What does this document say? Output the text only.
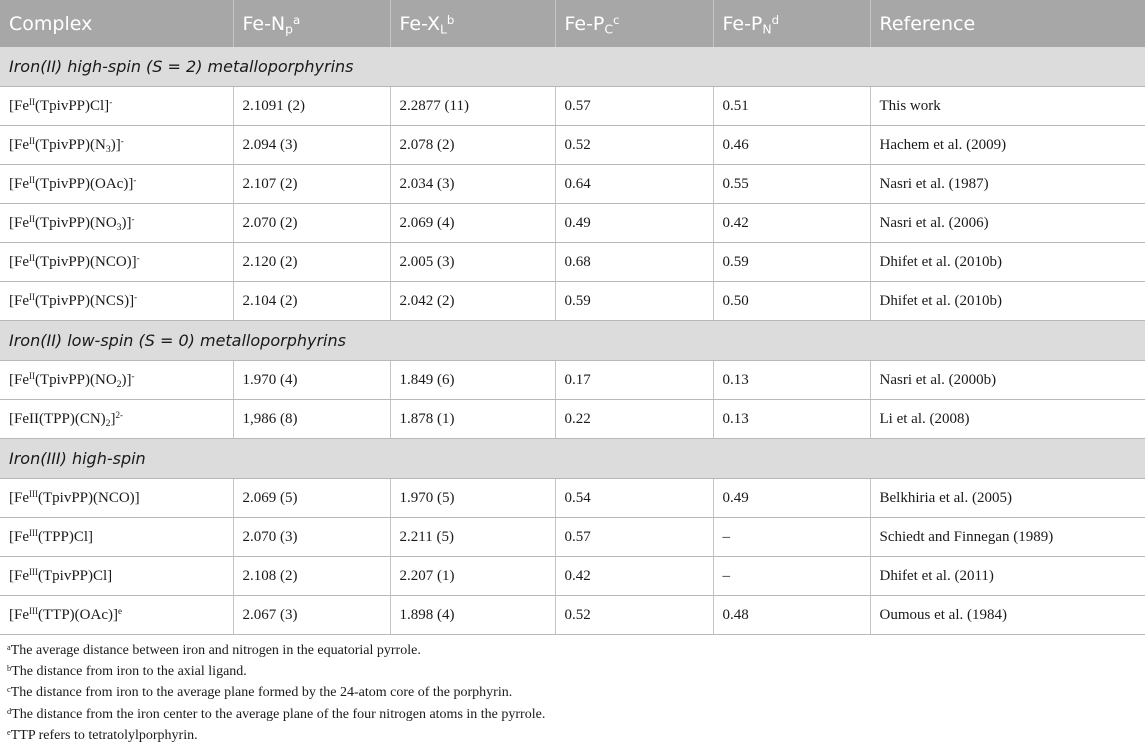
Complex	$Fe-N_p^a$	$Fe-X_L^b$	$Fe-P_C^c$	$Fe-P_N^d$	Reference
Iron(II) high-spin (S = 2) metalloporphyrins					
$[Fe^{II}(TpivPP)Cl]^-$	2.1091 (2)	2.2877 (11)	0.57	0.51	This work
$[Fe^{II}(TpivPP)(N_3)]^-$	2.094 (3)	2.078 (2)	0.52	0.46	Hachem et al. (2009)
$[Fe^{II}(TpivPP)(OAc)]^-$	2.107 (2)	2.034 (3)	0.64	0.55	Nasri et al. (1987)
$[Fe^{II}(TpivPP)(NO_3)]^-$	2.070 (2)	2.069 (4)	0.49	0.42	Nasri et al. (2006)
$[Fe^{II}(TpivPP)(NCO)]^-$	2.120 (2)	2.005 (3)	0.68	0.59	Dhifet et al. (2010b)
$[Fe^{II}(TpivPP)(NCS)]^-$	2.104 (2)	2.042 (2)	0.59	0.50	Dhifet et al. (2010b)
Iron(II) low-spin (S = 0) metalloporphyrins					
$[Fe^{II}(TpivPP)(NO_2)]^-$	1.970 (4)	1.849 (6)	0.17	0.13	Nasri et al. (2000b)
$[FeII(TPP)(CN)_2]^{2-}$	1,986 (8)	1.878 (1)	0.22	0.13	Li et al. (2008)
Iron(III) high-spin					
$[Fe^{III}(TpivPP)(NCO)]$	2.069 (5)	1.970 (5)	0.54	0.49	Belkhiria et al. (2005)
$[Fe^{III}(TPP)Cl]$	2.070 (3)	2.211 (5)	0.57	–	Schiedt and Finnegan (1989)
$[Fe^{III}(TpivPP)Cl]$	2.108 (2)	2.207 (1)	0.42	–	Dhifet et al. (2011)
$[Fe^{III}(TTP)(OAc)]^e$	2.067 (3)	1.898 (4)	0.52	0.48	Oumous et al. (1984)
$^a$The average distance between iron and nitrogen in the equatorial pyrrole.
$^b$The distance from iron to the axial ligand.
$^c$The distance from iron to the average plane formed by the 24-atom core of the porphyrin.
$^d$The distance from the iron center to the average plane of the four nitrogen atoms in the pyrrole.
$^e$TTP refers to tetratolylporphyrin.
